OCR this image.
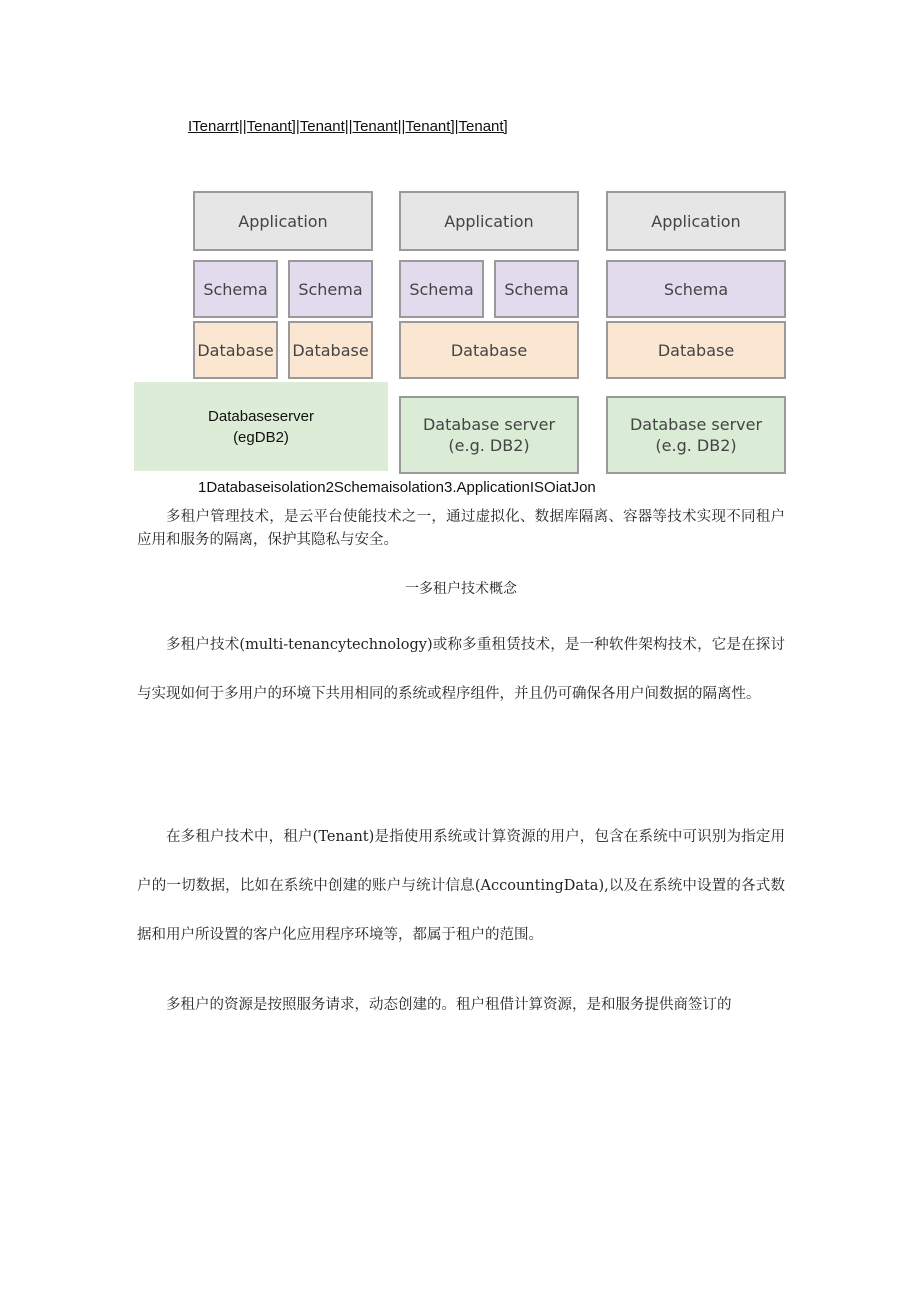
ITenarrt||Tenant]|Tenant||Tenant||Tenant]|Tenant]
Application
Schema	Schema
Database Database
Databaseserver
(egDB2)
Application
Schema	Schema
Database
Database server
(e.g. DB2)
Application
Schema
Database
Database server
(e.g. DB2)
1Databaseisolation2Schemaisolation3.ApplicationISOiatJon

多租户管理技术，是云平台使能技术之一，通过虚拟化、数据库隔离、容器等技术实现不同租户应用和服务的隔离，保护其隐私与安全。

一多租户技术概念

多租户技术(multi-tenancytechnology)或称多重租赁技术，是一种软件架构技术，它是在探讨与实现如何于多用户的环境下共用相同的系统或程序组件，并且仍可确保各用户间数据的隔离性。

在多租户技术中，租户(Tenant)是指使用系统或计算资源的用户，包含在系统中可识别为指定用户的一切数据，比如在系统中创建的账户与统计信息(AccountingData),以及在系统中设置的各式数据和用户所设置的客户化应用程序环境等，都属于租户的范围。

多租户的资源是按照服务请求，动态创建的。租户租借计算资源，是和服务提供商签订的
